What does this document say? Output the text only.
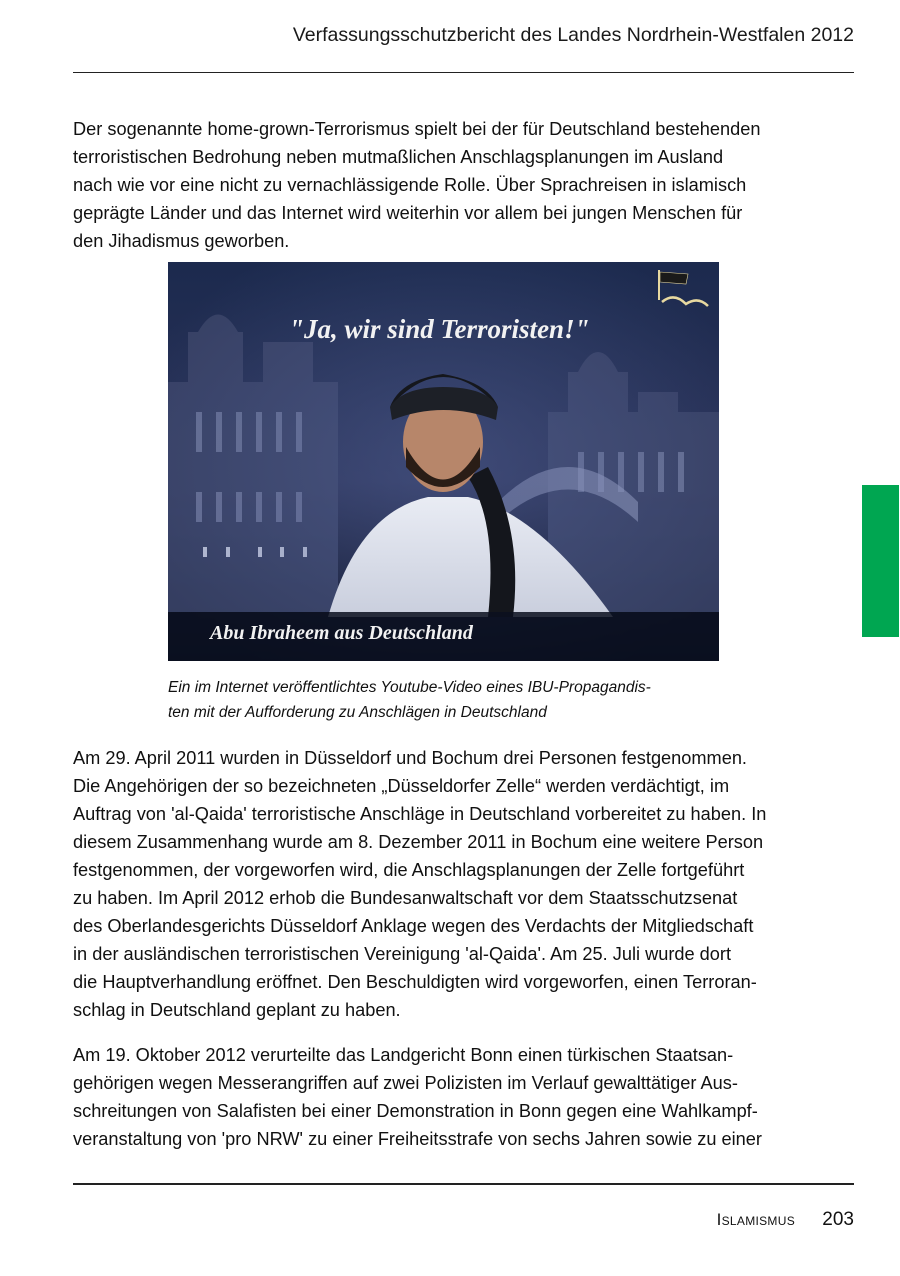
Verfassungsschutzbericht des Landes Nordrhein-Westfalen 2012

Der sogenannte home-grown-Terrorismus spielt bei der für Deutschland bestehenden
terroristischen Bedrohung neben mutmaßlichen Anschlagsplanungen im Ausland
nach wie vor eine nicht zu vernachlässigende Rolle. Über Sprachreisen in islamisch
geprägte Länder und das Internet wird weiterhin vor allem bei jungen Menschen für
den Jihadismus geworben.

"Ja, wir sind Terroristen!"
Abu Ibraheem aus Deutschland
Ein im Internet veröffentlichtes Youtube-Video eines IBU-Propagandis-
ten mit der Aufforderung zu Anschlägen in Deutschland

Am 29. April 2011 wurden in Düsseldorf und Bochum drei Personen festgenommen.
Die Angehörigen der so bezeichneten „Düsseldorfer Zelle“ werden verdächtigt, im
Auftrag von 'al-Qaida' terroristische Anschläge in Deutschland vorbereitet zu haben. In
diesem Zusammenhang wurde am 8. Dezember 2011 in Bochum eine weitere Person
festgenommen, der vorgeworfen wird, die Anschlagsplanungen der Zelle fortgeführt
zu haben. Im April 2012 erhob die Bundesanwaltschaft vor dem Staatsschutzsenat
des Oberlandesgerichts Düsseldorf Anklage wegen des Verdachts der Mitgliedschaft
in der ausländischen terroristischen Vereinigung 'al-Qaida'. Am 25. Juli wurde dort
die Hauptverhandlung eröffnet. Den Beschuldigten wird vorgeworfen, einen Terroran-
schlag in Deutschland geplant zu haben.

Am 19. Oktober 2012 verurteilte das Landgericht Bonn einen türkischen Staatsan-
gehörigen wegen Messerangriffen auf zwei Polizisten im Verlauf gewalttätiger Aus-
schreitungen von Salafisten bei einer Demonstration in Bonn gegen eine Wahlkampf-
veranstaltung von 'pro NRW' zu einer Freiheitsstrafe von sechs Jahren sowie zu einer

Islamismus 203
